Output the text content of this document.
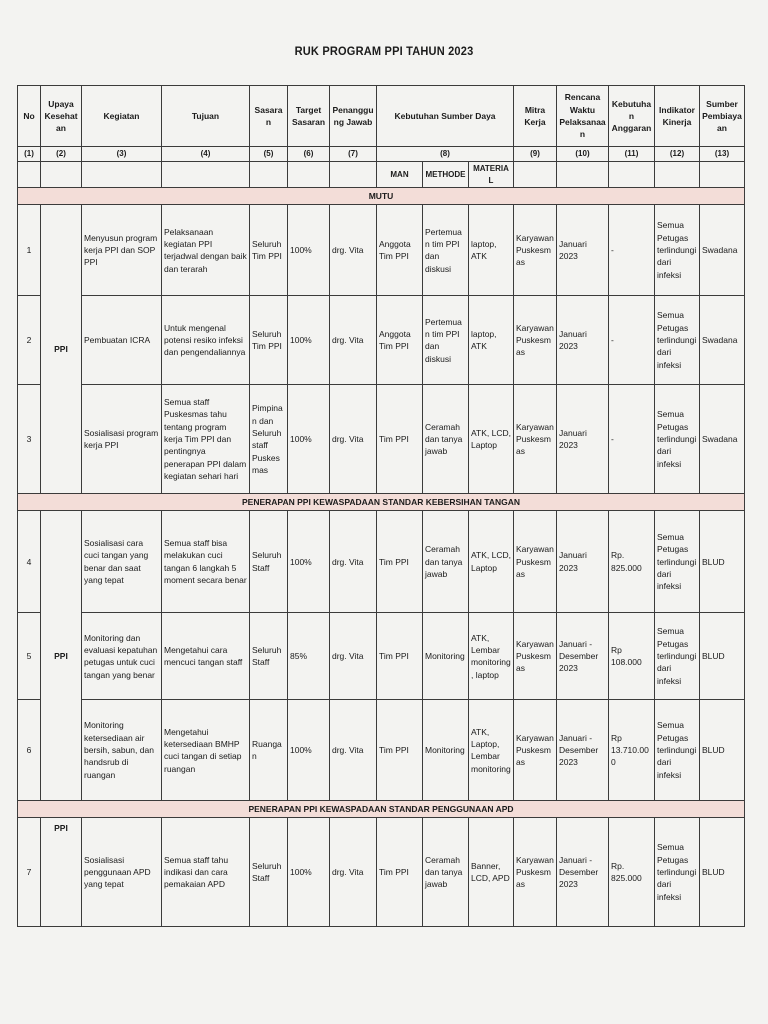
RUK PROGRAM PPI TAHUN 2023
No	Upaya Kesehatan	Kegiatan	Tujuan	Sasaran	Target Sasaran	Penanggung Jawab	Kebutuhan Sumber Daya			Mitra Kerja	Rencana Waktu Pelaksanaan	Kebutuhan Anggaran	Indikator Kinerja	Sumber Pembiayaan
(1)	(2)	(3)	(4)	(5)	(6)	(7)	(8)			(9)	(10)	(11)	(12)	(13)
							MAN	METHODE	MATERIAL					
MUTU														
1	PPI	Menyusun program kerja PPI dan SOP PPI	Pelaksanaan kegiatan PPI terjadwal dengan baik dan terarah	Seluruh Tim PPI	100%	drg. Vita	Anggota Tim PPI	Pertemuan tim PPI dan diskusi	laptop, ATK	Karyawan Puskesmas	Januari 2023	-	Semua Petugas terlindungi dari infeksi	Swadana
2		Pembuatan ICRA	Untuk mengenal potensi resiko infeksi dan pengendaliannya	Seluruh Tim PPI	100%	drg. Vita	Anggota Tim PPI	Pertemuan tim PPI dan diskusi	laptop, ATK	Karyawan Puskesmas	Januari 2023	-	Semua Petugas terlindungi dari infeksi	Swadana
3		Sosialisasi program kerja PPI	Semua staff Puskesmas tahu tentang program kerja Tim PPI dan pentingnya penerapan PPI dalam kegiatan sehari hari	Pimpinan dan Seluruh staff Puskesmas	100%	drg. Vita	Tim PPI	Ceramah dan tanya jawab	ATK, LCD, Laptop	Karyawan Puskesmas	Januari 2023	-	Semua Petugas terlindungi dari infeksi	Swadana
PENERAPAN PPI KEWASPADAAN STANDAR KEBERSIHAN TANGAN														
4	PPI	Sosialisasi cara cuci tangan yang benar dan saat yang tepat	Semua staff bisa melakukan cuci tangan 6 langkah 5 moment secara benar	Seluruh Staff	100%	drg. Vita	Tim PPI	Ceramah dan tanya jawab	ATK, LCD, Laptop	Karyawan Puskesmas	Januari 2023	Rp. 825.000	Semua Petugas terlindungi dari infeksi	BLUD
5		Monitoring dan evaluasi kepatuhan petugas untuk cuci tangan yang benar	Mengetahui cara mencuci tangan staff	Seluruh Staff	85%	drg. Vita	Tim PPI	Monitoring	ATK, Lembar monitoring, laptop	Karyawan Puskesmas	Januari - Desember 2023	Rp 108.000	Semua Petugas terlindungi dari infeksi	BLUD
6		Monitoring ketersediaan air bersih, sabun, dan handsrub di ruangan	Mengetahui ketersediaan BMHP cuci tangan di setiap ruangan	Ruangan	100%	drg. Vita	Tim PPI	Monitoring	ATK, Laptop, Lembar monitoring	Karyawan Puskesmas	Januari - Desember 2023	Rp 13.710.000	Semua Petugas terlindungi dari infeksi	BLUD
PENERAPAN PPI KEWASPADAAN STANDAR PENGGUNAAN APD														
7	PPI	Sosialisasi penggunaan APD yang tepat	Semua staff tahu indikasi dan cara pemakaian APD	Seluruh Staff	100%	drg. Vita	Tim PPI	Ceramah dan tanya jawab	Banner, LCD, APD	Karyawan Puskesmas	Januari - Desember 2023	Rp. 825.000	Semua Petugas terlindungi dari infeksi	BLUD
